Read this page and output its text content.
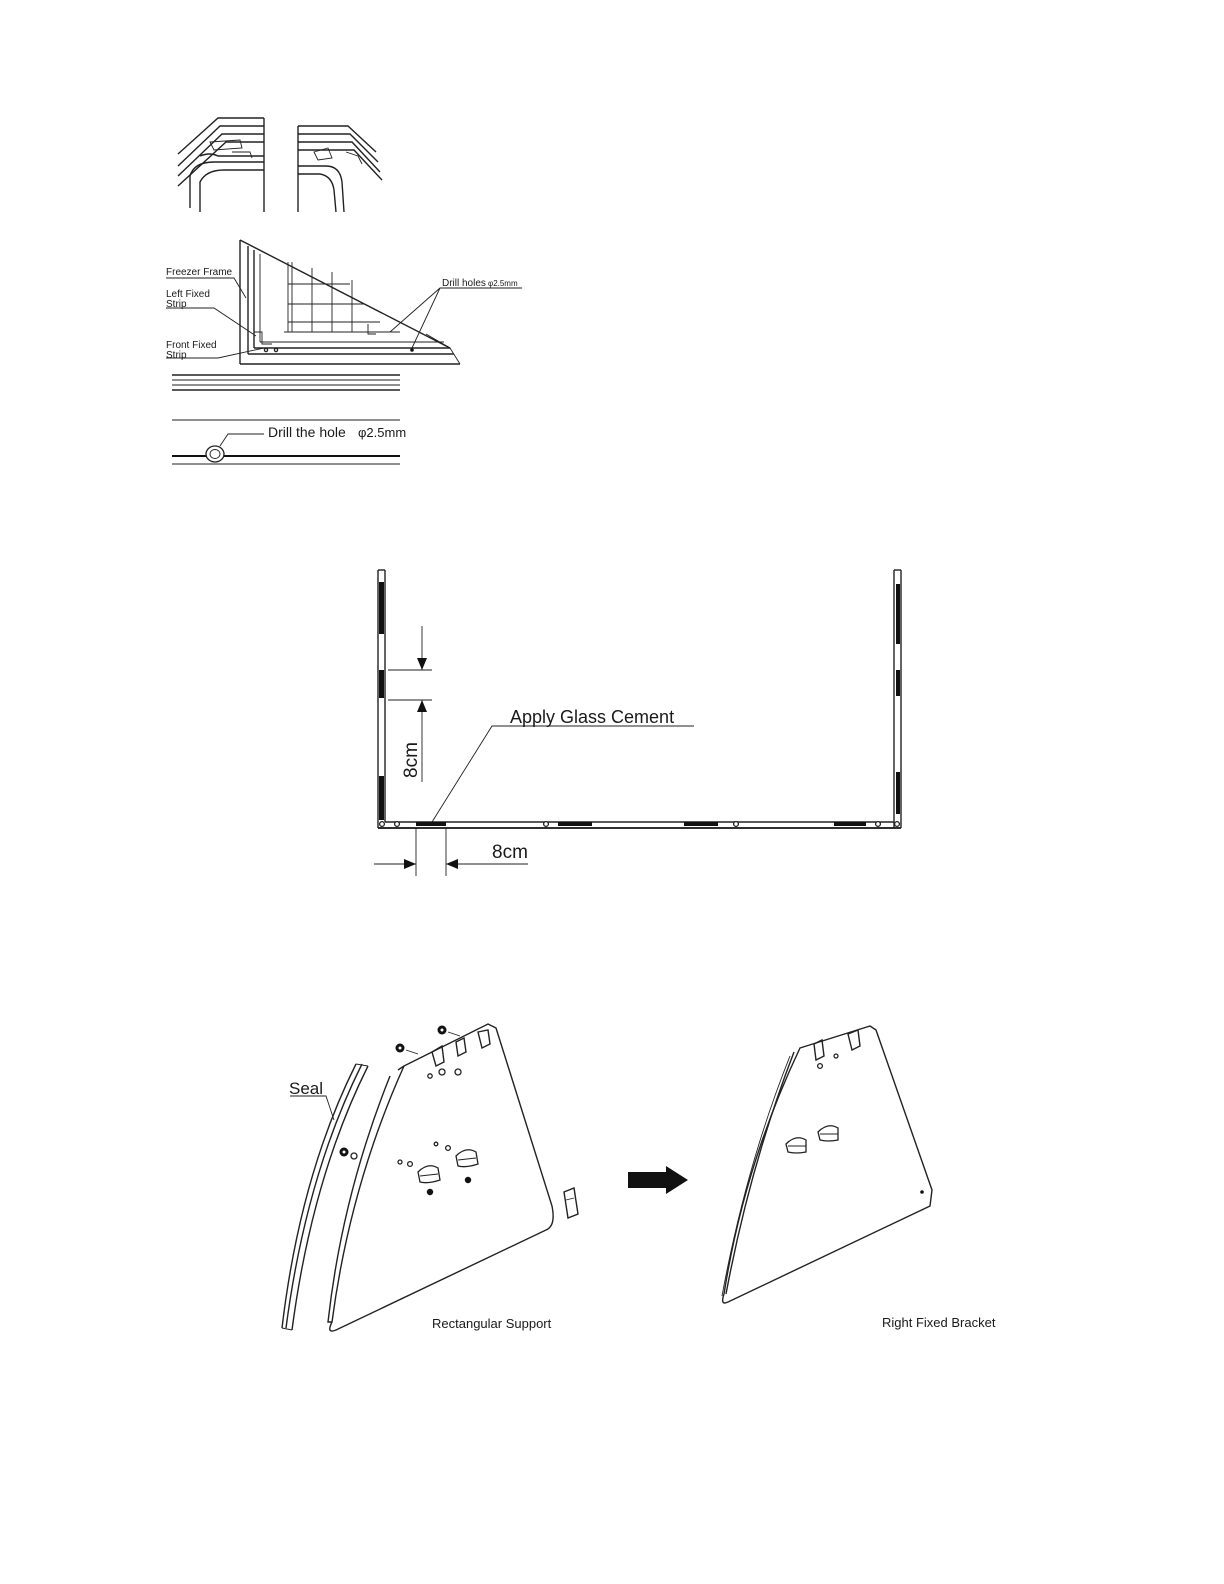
Freezer Frame
Left Fixed
Strip
Front Fixed
Strip
Drill holes φ2.5mm
Drill the hole φ2.5mm
8cm
8cm
Apply Glass Cement
Seal
Rectangular Support	Right Fixed Bracket
